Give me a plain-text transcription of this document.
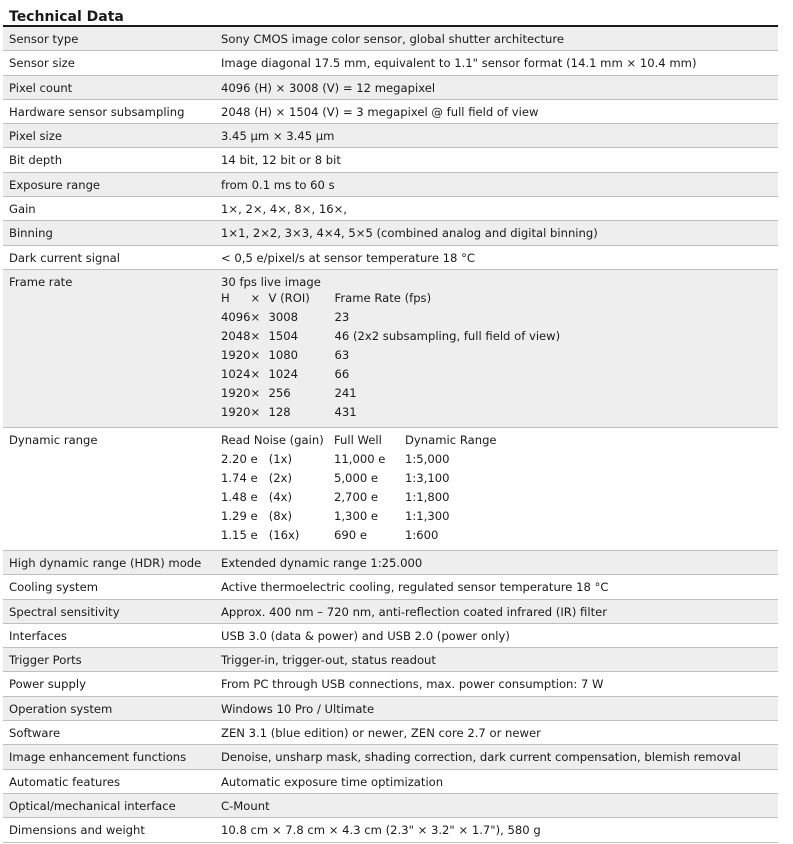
Technical Data
Sensor type	Sony CMOS image color sensor, global shutter architecture
Sensor size	Image diagonal 17.5 mm, equivalent to 1.1" sensor format (14.1 mm × 10.4 mm)
Pixel count	4096 (H) × 3008 (V) = 12 megapixel
Hardware sensor subsampling	2048 (H) × 1504 (V) = 3 megapixel @ full field of view
Pixel size	3.45 μm × 3.45 μm
Bit depth	14 bit, 12 bit or 8 bit
Exposure range	from 0.1 ms to 60 s
Gain	1×, 2×, 4×, 8×, 16×,
Binning	1×1, 2×2, 3×3, 4×4, 5×5 (combined analog and digital binning)
Dark current signal	< 0,5 e/pixel/s at sensor temperature 18 °C
Frame rate	30 fps live image
H	×	V (ROI)	Frame Rate (fps)
4096	×	3008	23
2048	×	1504	46 (2x2 subsampling, full field of view)
1920	×	1080	63
1024	×	1024	66
1920	×	256	241
1920	×	128	431
Dynamic range	Read Noise (gain)	Full Well	Dynamic Range
2.20 e   (1x)	11,000 e	1:5,000
1.74 e   (2x)	5,000 e	1:3,100
1.48 e   (4x)	2,700 e	1:1,800
1.29 e   (8x)	1,300 e	1:1,300
1.15 e   (16x)	690 e	1:600
High dynamic range (HDR) mode	Extended dynamic range 1:25.000
Cooling system	Active thermoelectric cooling, regulated sensor temperature 18 °C
Spectral sensitivity	Approx. 400 nm – 720 nm, anti-reflection coated infrared (IR) filter
Interfaces	USB 3.0 (data & power) and USB 2.0 (power only)
Trigger Ports	Trigger-in, trigger-out, status readout
Power supply	From PC through USB connections, max. power consumption: 7 W
Operation system	Windows 10 Pro / Ultimate
Software	ZEN 3.1 (blue edition) or newer, ZEN core 2.7 or newer
Image enhancement functions	Denoise, unsharp mask, shading correction, dark current compensation, blemish removal
Automatic features	Automatic exposure time optimization
Optical/mechanical interface	C-Mount
Dimensions and weight	10.8 cm × 7.8 cm × 4.3 cm (2.3" × 3.2" × 1.7"), 580 g
